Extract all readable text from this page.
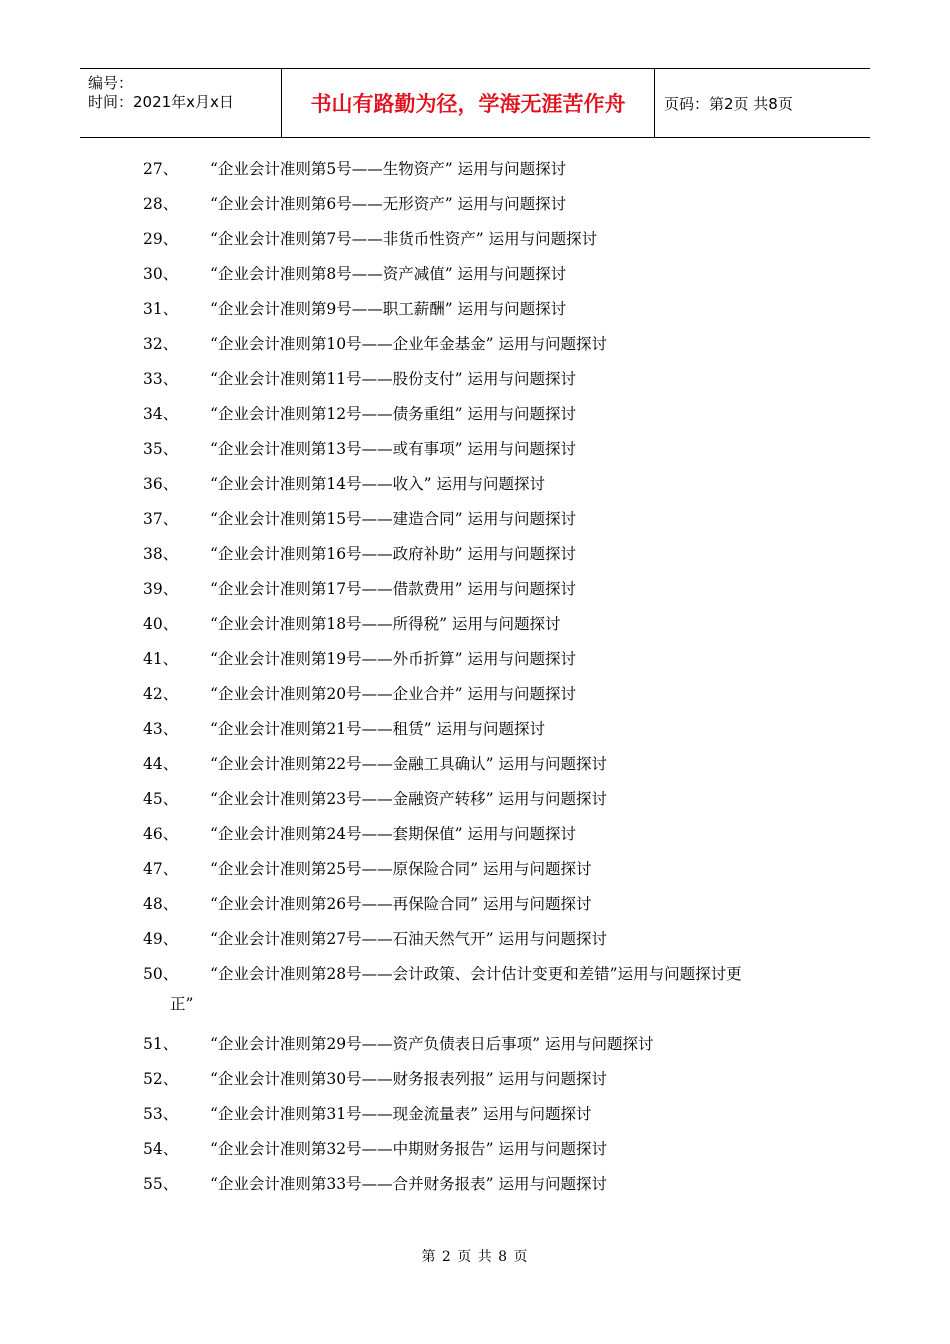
编号：
时间：2021年x月x日	书山有路勤为径，学海无涯苦作舟	页码：第2页 共8页
27、 “企业会计准则第5号——生物资产” 运用与问题探讨
28、 “企业会计准则第6号——无形资产” 运用与问题探讨
29、 “企业会计准则第7号——非货币性资产” 运用与问题探讨
30、 “企业会计准则第8号——资产减值” 运用与问题探讨
31、 “企业会计准则第9号——职工薪酬” 运用与问题探讨
32、 “企业会计准则第10号——企业年金基金” 运用与问题探讨
33、 “企业会计准则第11号——股份支付” 运用与问题探讨
34、 “企业会计准则第12号——债务重组” 运用与问题探讨
35、 “企业会计准则第13号——或有事项” 运用与问题探讨
36、 “企业会计准则第14号——收入” 运用与问题探讨
37、 “企业会计准则第15号——建造合同” 运用与问题探讨
38、 “企业会计准则第16号——政府补助” 运用与问题探讨
39、 “企业会计准则第17号——借款费用” 运用与问题探讨
40、 “企业会计准则第18号——所得税” 运用与问题探讨
41、 “企业会计准则第19号——外币折算” 运用与问题探讨
42、 “企业会计准则第20号——企业合并” 运用与问题探讨
43、 “企业会计准则第21号——租赁” 运用与问题探讨
44、 “企业会计准则第22号——金融工具确认” 运用与问题探讨
45、 “企业会计准则第23号——金融资产转移” 运用与问题探讨
46、 “企业会计准则第24号——套期保值” 运用与问题探讨
47、 “企业会计准则第25号——原保险合同” 运用与问题探讨
48、 “企业会计准则第26号——再保险合同” 运用与问题探讨
49、 “企业会计准则第27号——石油天然气开” 运用与问题探讨
50、 “企业会计准则第28号——会计政策、会计估计变更和差错”运用与问题探讨更
正”
51、 “企业会计准则第29号——资产负债表日后事项” 运用与问题探讨
52、 “企业会计准则第30号——财务报表列报” 运用与问题探讨
53、 “企业会计准则第31号——现金流量表” 运用与问题探讨
54、 “企业会计准则第32号——中期财务报告” 运用与问题探讨
55、 “企业会计准则第33号——合并财务报表” 运用与问题探讨
第 2 页 共 8 页
